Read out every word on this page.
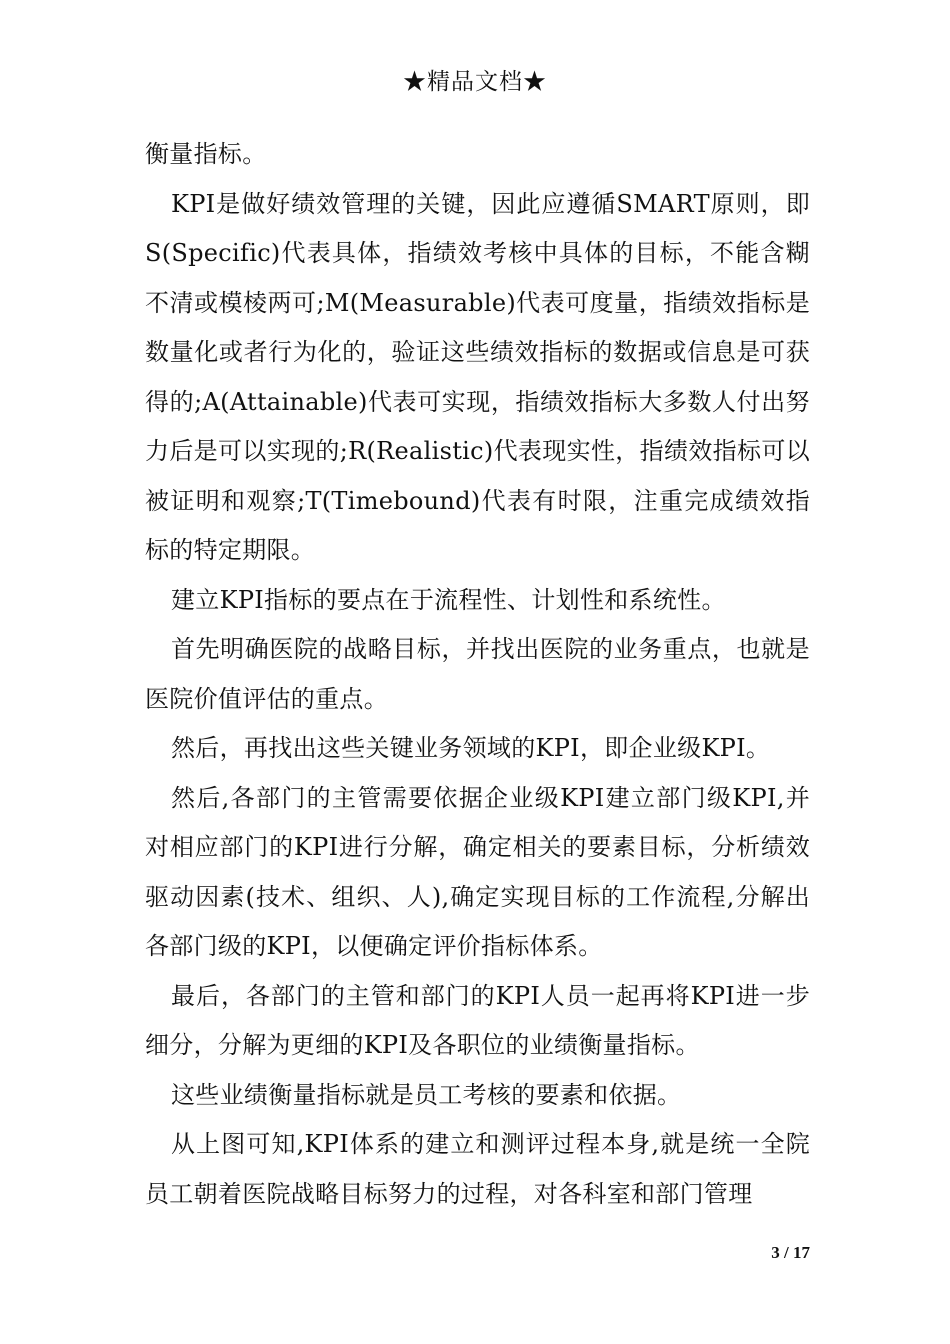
★精品文档★

衡量指标。

KPI是做好绩效管理的关键，因此应遵循SMART原则，即S(Specific)代表具体，指绩效考核中具体的目标，不能含糊不清或模棱两可;M(Measurable)代表可度量，指绩效指标是数量化或者行为化的，验证这些绩效指标的数据或信息是可获得的;A(Attainable)代表可实现，指绩效指标大多数人付出努力后是可以实现的;R(Realistic)代表现实性，指绩效指标可以被证明和观察;T(Timebound)代表有时限，注重完成绩效指标的特定期限。

建立KPI指标的要点在于流程性、计划性和系统性。

首先明确医院的战略目标，并找出医院的业务重点，也就是医院价值评估的重点。

然后，再找出这些关键业务领域的KPI，即企业级KPI。

然后,各部门的主管需要依据企业级KPI建立部门级KPI,并对相应部门的KPI进行分解，确定相关的要素目标，分析绩效驱动因素(技术、组织、人),确定实现目标的工作流程,分解出各部门级的KPI，以便确定评价指标体系。

最后，各部门的主管和部门的KPI人员一起再将KPI进一步细分，分解为更细的KPI及各职位的业绩衡量指标。

这些业绩衡量指标就是员工考核的要素和依据。

从上图可知,KPI体系的建立和测评过程本身,就是统一全院员工朝着医院战略目标努力的过程，对各科室和部门管理

3 / 17
